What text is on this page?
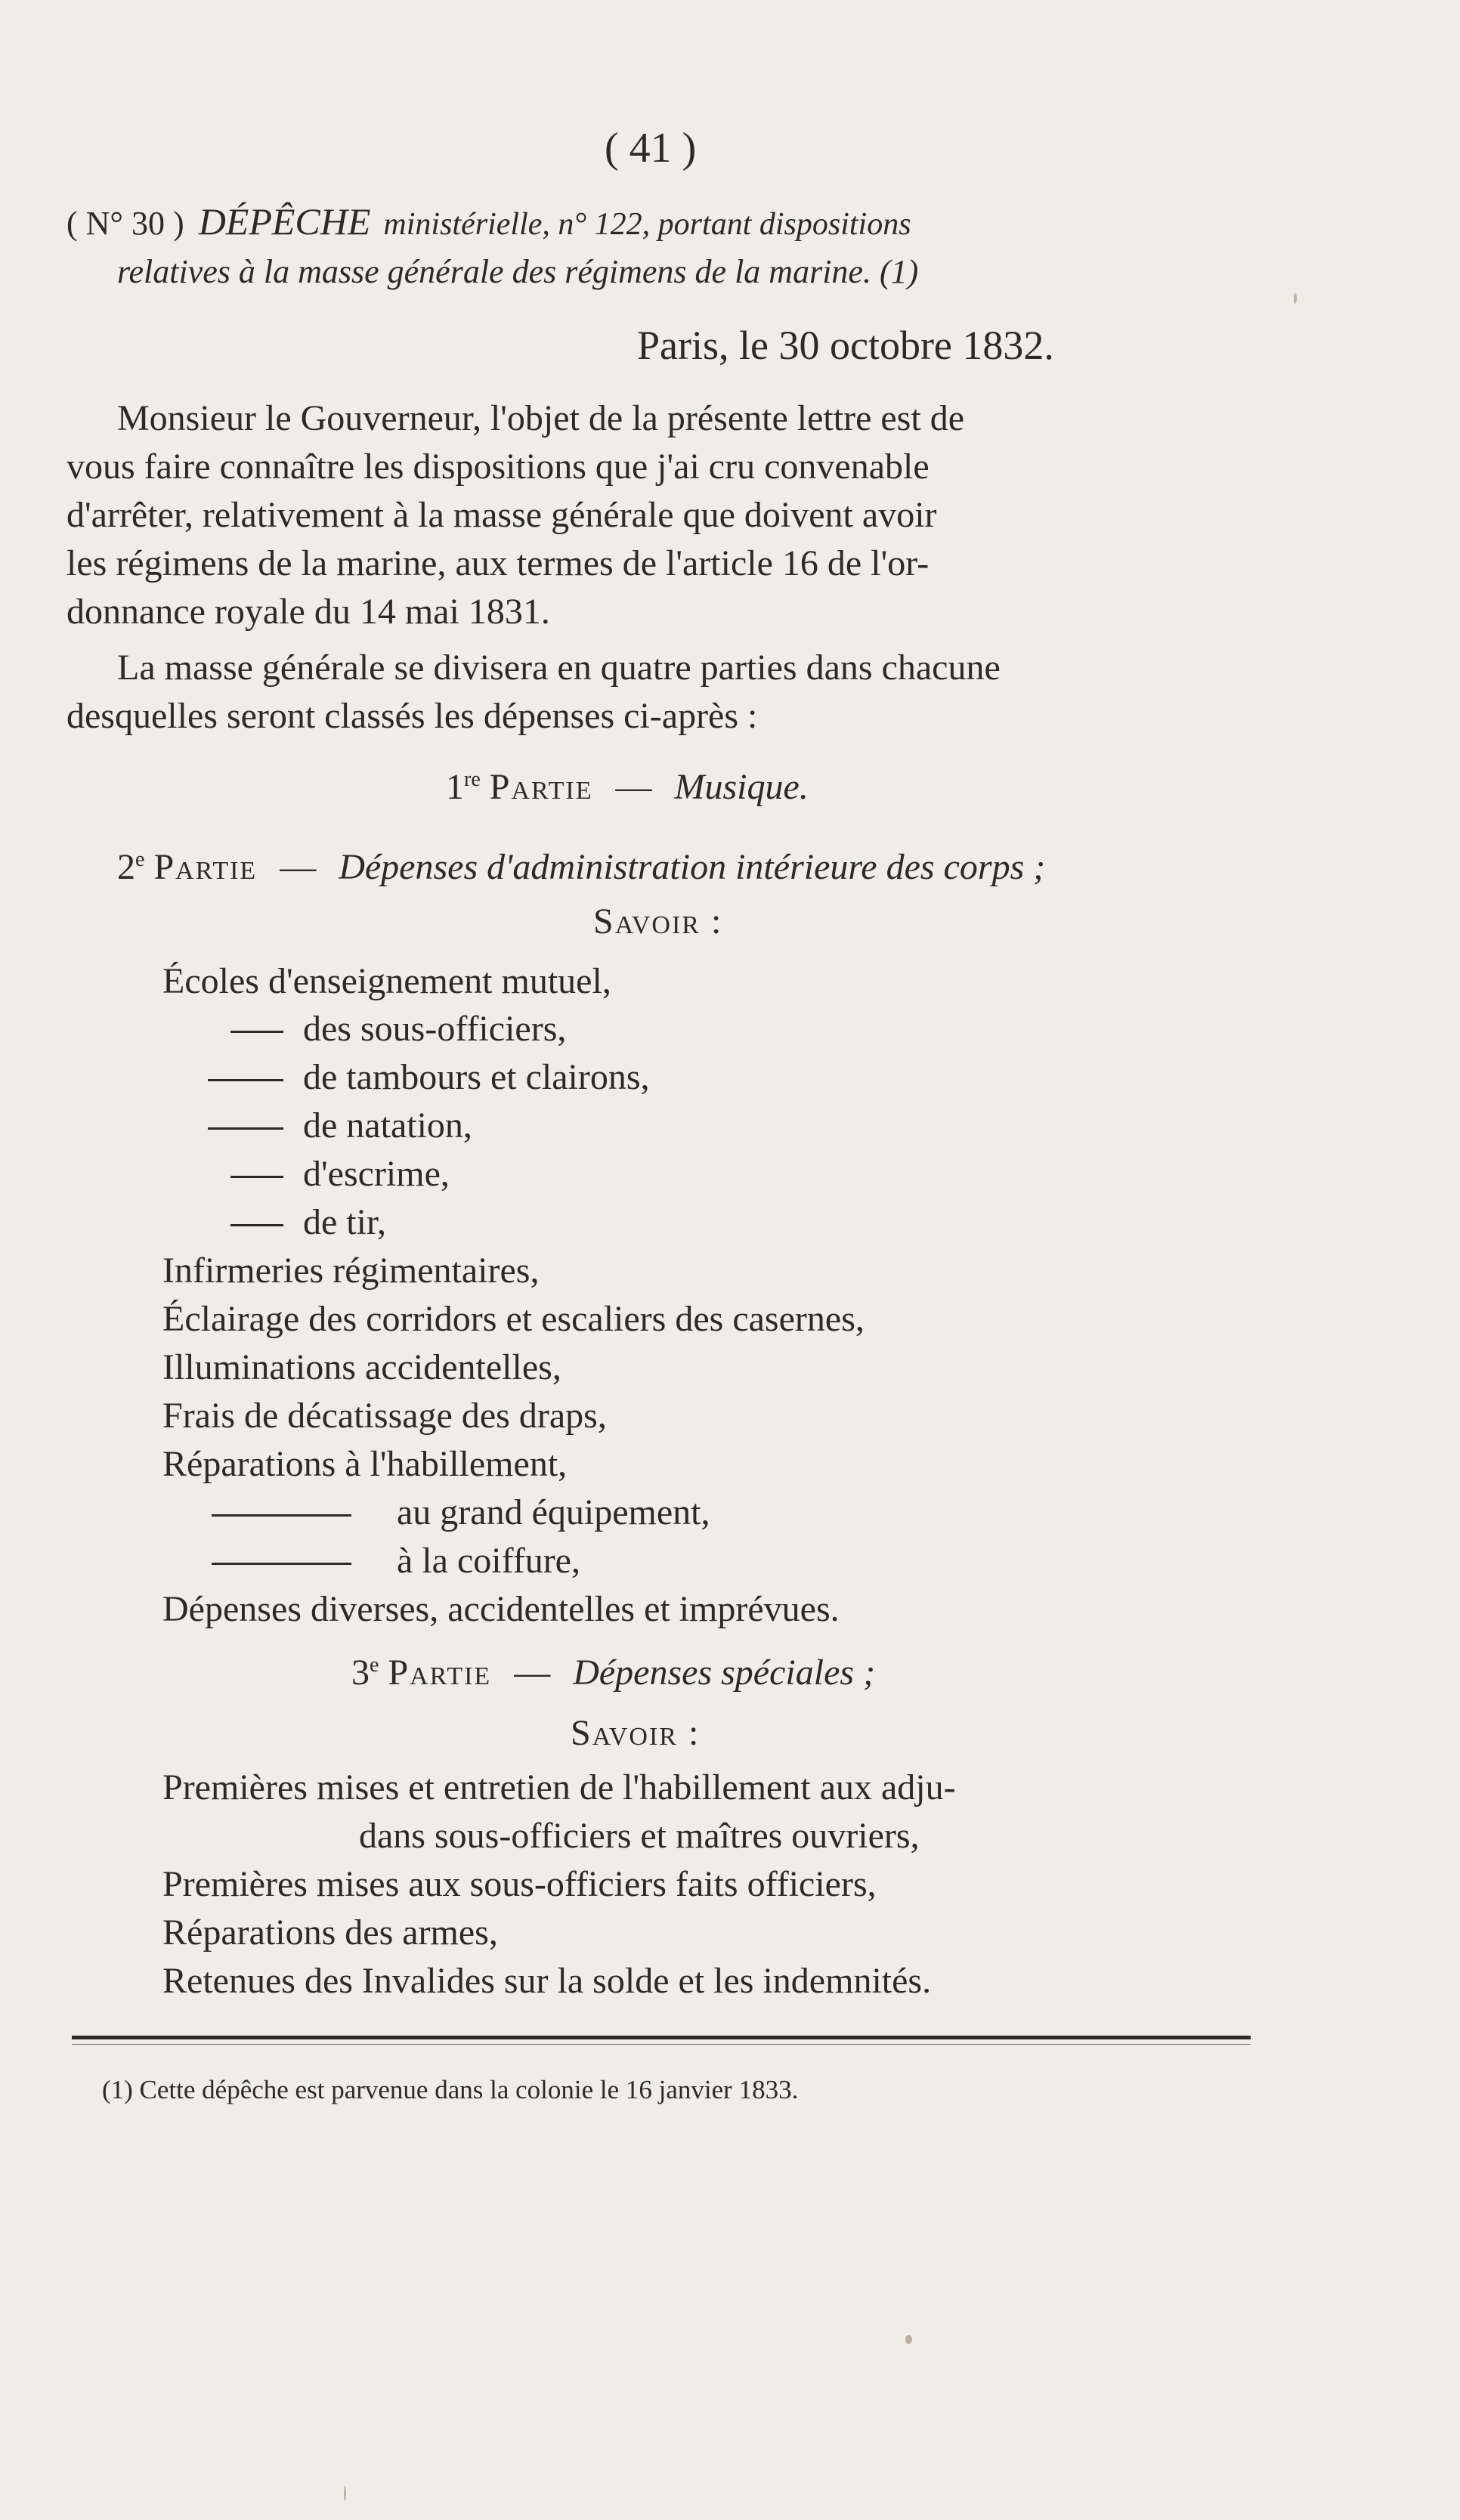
( 41 )
( N° 30 ) DÉPÊCHE ministérielle, n° 122, portant dispositions
relatives à la masse générale des régimens de la marine. (1)
Paris, le 30 octobre 1832.
Monsieur le Gouverneur, l'objet de la présente lettre est de
vous faire connaître les dispositions que j'ai cru convenable
d'arrêter, relativement à la masse générale que doivent avoir
les régimens de la marine, aux termes de l'article 16 de l'or-
donnance royale du 14 mai 1831.
La masse générale se divisera en quatre parties dans chacune
desquelles seront classés les dépenses ci-après :
1re Partie — Musique.
2e Partie — Dépenses d'administration intérieure des corps ;
Savoir :
Écoles d'enseignement mutuel,
des sous-officiers,
de tambours et clairons,
de natation,
d'escrime,
de tir,
Infirmeries régimentaires,
Éclairage des corridors et escaliers des casernes,
Illuminations accidentelles,
Frais de décatissage des draps,
Réparations à l'habillement,
au grand équipement,
à la coiffure,
Dépenses diverses, accidentelles et imprévues.
3e Partie — Dépenses spéciales ;
Savoir :
Premières mises et entretien de l'habillement aux adju-
dans sous-officiers et maîtres ouvriers,
Premières mises aux sous-officiers faits officiers,
Réparations des armes,
Retenues des Invalides sur la solde et les indemnités.
(1) Cette dépêche est parvenue dans la colonie le 16 janvier 1833.
